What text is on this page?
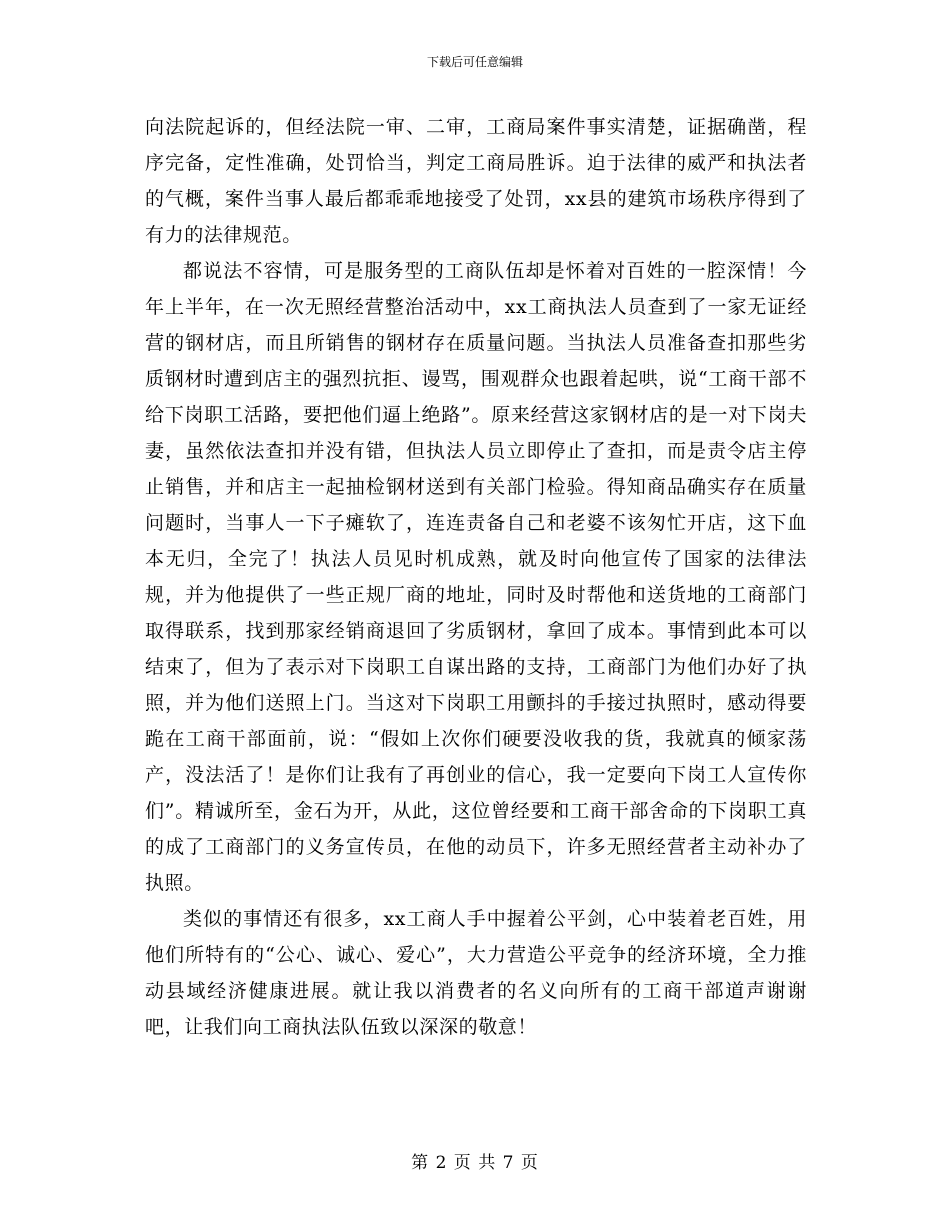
下载后可任意编辑

向法院起诉的，但经法院一审、二审，工商局案件事实清楚，证据确凿，程序完备，定性准确，处罚恰当，判定工商局胜诉。迫于法律的威严和执法者的气概，案件当事人最后都乖乖地接受了处罚，xx县的建筑市场秩序得到了有力的法律规范。

都说法不容情，可是服务型的工商队伍却是怀着对百姓的一腔深情！今年上半年，在一次无照经营整治活动中，xx工商执法人员查到了一家无证经营的钢材店，而且所销售的钢材存在质量问题。当执法人员准备查扣那些劣质钢材时遭到店主的强烈抗拒、谩骂，围观群众也跟着起哄，说“工商干部不给下岗职工活路，要把他们逼上绝路”。原来经营这家钢材店的是一对下岗夫妻，虽然依法查扣并没有错，但执法人员立即停止了查扣，而是责令店主停止销售，并和店主一起抽检钢材送到有关部门检验。得知商品确实存在质量问题时，当事人一下子瘫软了，连连责备自己和老婆不该匆忙开店，这下血本无归，全完了！执法人员见时机成熟，就及时向他宣传了国家的法律法规，并为他提供了一些正规厂商的地址，同时及时帮他和送货地的工商部门取得联系，找到那家经销商退回了劣质钢材，拿回了成本。事情到此本可以结束了，但为了表示对下岗职工自谋出路的支持，工商部门为他们办好了执照，并为他们送照上门。当这对下岗职工用颤抖的手接过执照时，感动得要跪在工商干部面前，说：“假如上次你们硬要没收我的货，我就真的倾家荡产，没法活了！是你们让我有了再创业的信心，我一定要向下岗工人宣传你们”。精诚所至，金石为开，从此，这位曾经要和工商干部舍命的下岗职工真的成了工商部门的义务宣传员，在他的动员下，许多无照经营者主动补办了执照。

类似的事情还有很多，xx工商人手中握着公平剑，心中装着老百姓，用他们所特有的“公心、诚心、爱心”，大力营造公平竞争的经济环境，全力推动县域经济健康进展。就让我以消费者的名义向所有的工商干部道声谢谢吧，让我们向工商执法队伍致以深深的敬意！

第 2 页 共 7 页
